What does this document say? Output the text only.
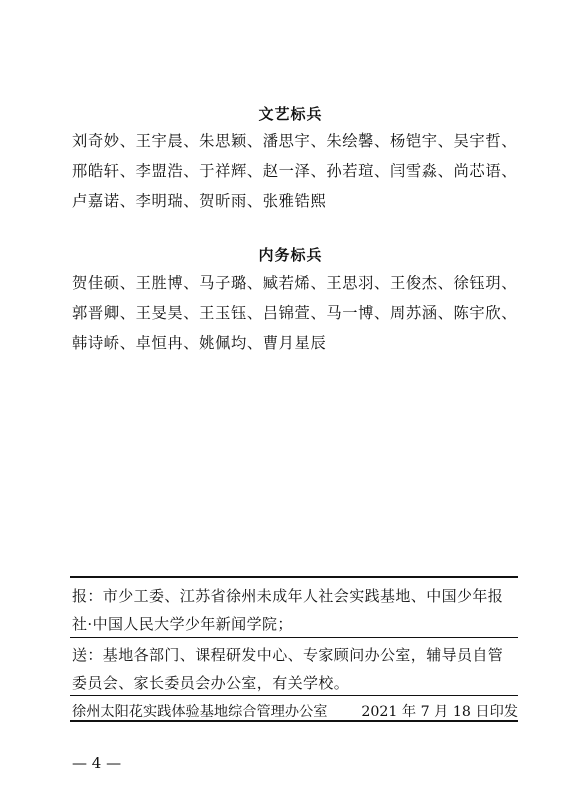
文艺标兵
刘奇妙、王宇晨、朱思颖、潘思宇、朱绘馨、杨铠宇、吴宇哲、
邢皓轩、李盟浩、于祥辉、赵一泽、孙若瑄、闫雪淼、尚芯语、
卢嘉诺、李明瑞、贺昕雨、张雅锆熙
内务标兵
贺佳硕、王胜博、马子璐、臧若烯、王思羽、王俊杰、徐钰玥、
郭晋卿、王旻昊、王玉钰、吕锦萱、马一博、周苏涵、陈宇欣、
韩诗峤、卓恒冉、姚佩均、曹月星辰
报：市少工委、江苏省徐州未成年人社会实践基地、中国少年报
社·中国人民大学少年新闻学院；
送：基地各部门、课程研发中心、专家顾问办公室，辅导员自管
委员会、家长委员会办公室，有关学校。
徐州太阳花实践体验基地综合管理办公室 2021 年 7 月 18 日印发
— 4 —
